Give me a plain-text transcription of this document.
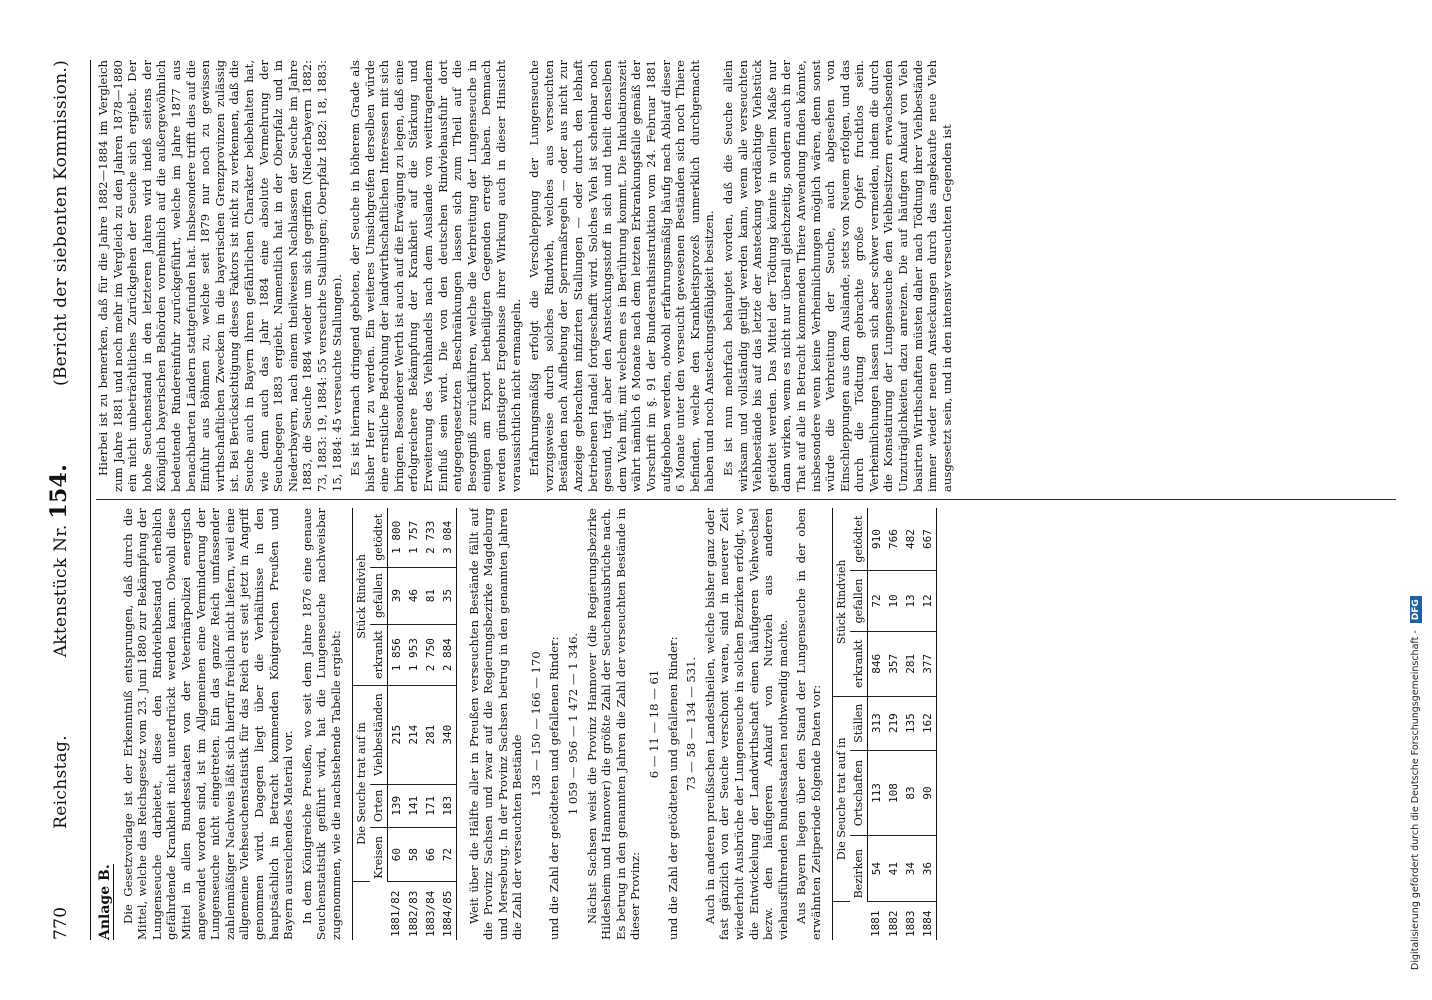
770
Reichstag.
Aktenstück Nr. 154.
(Bericht der siebenten Kommission.)
Anlage B. Die Gesetzvorlage ist der Erkenntniß entsprungen, daß durch die Mittel, welche das Reichsgesetz vom 23. Juni 1880 zur Bekämpfung der Lungenseuche darbietet, diese den Rindviehbestand erheblich gefährdende Krankheit nicht unterdrückt werden kann. Obwohl diese Mittel in allen Bundesstaaten von der Veterinärpolizei energisch angewendet worden sind, ist im Allgemeinen eine Verminderung der Lungenseuche nicht eingetreten. Ein das ganze Reich umfassender zahlenmäßiger Nachweis läßt sich hierfür freilich nicht liefern, weil eine allgemeine Viehseuchenstatistik für das Reich erst seit jetzt in Angriff genommen wird. Dagegen liegt über die Verhältnisse in den hauptsächlich in Betracht kommenden Königreichen Preußen und Bayern ausreichendes Material vor. In dem Königreiche Preußen, wo seit dem Jahre 1876 eine genaue Seuchenstatistik geführt wird, hat die Lungenseuche nachweisbar zugenommen, wie die nachstehende Tabelle ergiebt:

	Die Seuche trat auf in			Stück Rindvieh		
	Kreisen	Orten	Viehbeständen	erkrankt	gefallen	getödtet
1881/82	60	139	215	1 856	39	1 800
1882/83	58	141	214	1 953	46	1 757
1883/84	66	171	281	2 750	81	2 733
1884/85	72	183	340	2 884	35	3 084 Weit über die Hälfte aller in Preußen verseuchten Bestände fällt auf die Provinz Sachsen und zwar auf die Regierungsbezirke Magdeburg und Merseburg. In der Provinz Sachsen betrug in den genannten Jahren die Zahl der verseuchten Bestände

138 — 150 — 166 — 170 und die Zahl der getödteten und gefallenen Rinder: 1 059 — 956 — 1 472 — 1 346. Nächst Sachsen weist die Provinz Hannover (die Regierungsbezirke Hildesheim und Hannover) die größte Zahl der Seuchenausbrüche nach. Es betrug in den genannten Jahren die Zahl der verseuchten Bestände in dieser Provinz:

6 — 11 — 18 — 61 und die Zahl der getödteten und gefallenen Rinder: 73 — 58 — 134 — 531. Auch in anderen preußischen Landestheilen, welche bisher ganz oder fast gänzlich von der Seuche verschont waren, sind in neuerer Zeit wiederholt Ausbrüche der Lungenseuche in solchen Bezirken erfolgt, wo die Entwickelung der Landwirthschaft einen häufigeren Viehwechsel bezw. den häufigeren Ankauf von Nutzvieh aus anderen viehausführenden Bundesstaaten nothwendig machte. Aus Bayern liegen über den Stand der Lungenseuche in der oben erwähnten Zeitperiode folgende Daten vor:

	Die Seuche trat auf in			Stück Rindvieh		
	Bezirken	Ortschaften	Ställen	erkrankt	gefallen	getödtet
1881	54	113	313	846	72	910
1882	41	108	219	357	10	766
1883	34	83	135	281	13	482
1884	36	90	162	377	12	667

Hierbei ist zu bemerken, daß für die Jahre 1882—1884 im Vergleich zum Jahre 1881 und noch mehr im Vergleich zu den Jahren 1878—1880 ein nicht unbeträchtliches Zurückgehen der Seuche sich ergiebt. Der hohe Seuchenstand in den letzteren Jahren wird indeß seitens der Königlich bayerischen Behörden vornehmlich auf die außergewöhnlich bedeutende Rindereinfuhr zurückgeführt, welche im Jahre 1877 aus benachbarten Ländern stattgefunden hat. Insbesondere trifft dies auf die Einfuhr aus Böhmen zu, welche seit 1879 nur noch zu gewissen wirthschaftlichen Zwecken in die bayerischen Grenzprovinzen zulässig ist. Bei Berücksichtigung dieses Faktors ist nicht zu verkennen, daß die Seuche auch in Bayern ihren gefährlichen Charakter beibehalten hat, wie denn auch das Jahr 1884 eine absolute Vermehrung der Seuchegegen 1883 ergiebt. Namentlich hat in der Oberpfalz und in Niederbayern, nach einem theilweisen Nachlassen der Seuche im Jahre 1883, die Seuche 1884 wieder um sich gegriffen (Niederbayern 1882: 73, 1883: 19, 1884: 55 verseuchte Stallungen; Oberpfalz 1882: 18, 1883: 15, 1884: 45 verseuchte Stallungen). Es ist hiernach dringend geboten, der Seuche in höherem Grade als bisher Herr zu werden. Ein weiteres Umsichgreifen derselben würde eine ernstliche Bedrohung der landwirthschaftlichen Interessen mit sich bringen. Besonderer Werth ist auch auf die Erwägung zu legen, daß eine erfolgreichere Bekämpfung der Krankheit auf die Stärkung und Erweiterung des Viehhandels nach dem Auslande von weittragendem Einfluß sein wird. Die von den deutschen Rindviehausfuhr dort entgegengesetzten Beschränkungen lassen sich zum Theil auf die Besorgniß zurückführen, welche die Verbreitung der Lungenseuche in einigen am Export betheiligten Gegenden erregt haben. Demnach werden günstigere Ergebnisse ihrer Wirkung auch in dieser Hinsicht voraussichtlich nicht ermangeln. Erfahrungsmäßig erfolgt die Verschleppung der Lungenseuche vorzugsweise durch solches Rindvieh, welches aus verseuchten Beständen nach Aufhebung der Sperrmaßregeln — oder aus nicht zur Anzeige gebrachten infizirten Stallungen — oder durch den lebhaft betriebenen Handel fortgeschafft wird. Solches Vieh ist scheinbar noch gesund, trägt aber den Ansteckungsstoff in sich und theilt denselben dem Vieh mit, mit welchem es in Berührung kommt. Die Inkubationszeit währt nämlich 6 Monate nach dem letzten Erkrankungsfalle gemäß der Vorschrift im §. 91 der Bundesrathsinstruktion vom 24. Februar 1881 aufgehoben werden, obwohl erfahrungsmäßig häufig nach Ablauf dieser 6 Monate unter den verseucht gewesenen Beständen sich noch Thiere befinden, welche den Krankheitsprozeß unmerklich durchgemacht haben und noch Ansteckungsfähigkeit besitzen. Es ist nun mehrfach behauptet worden, daß die Seuche allein wirksam und vollständig getilgt werden kann, wenn alle verseuchten Viehbestände bis auf das letzte der Ansteckung verdächtige Viehstück getödtet werden. Das Mittel der Tödtung könnte in vollem Maße nur dann wirken, wenn es nicht nur überall gleichzeitig, sondern auch in der That auf alle in Betracht kommenden Thiere Anwendung finden könnte, insbesondere wenn keine Verheimlichungen möglich wären, denn sonst würde die Verbreitung der Seuche, auch abgesehen von Einschleppungen aus dem Auslande, stets von Neuem erfolgen, und das durch die Tödtung gebrachte große Opfer fruchtlos sein. Verheimlichungen lassen sich aber schwer vermeiden, indem die durch die Konstatirung der Lungenseuche den Viehbesitzern erwachsenden Unzuträglichkeiten dazu anreizen. Die auf häufigen Ankauf von Vieh basirten Wirthschaften müsten daher nach Tödtung ihrer Viehbestände immer wieder neuen Ansteckungen durch das angekaufte neue Vieh ausgesetzt sein, und in den intensiv verseuchten Gegenden ist

Digitalisierung gefördert durch die Deutsche Forschungsgemeinschaft - DFG
